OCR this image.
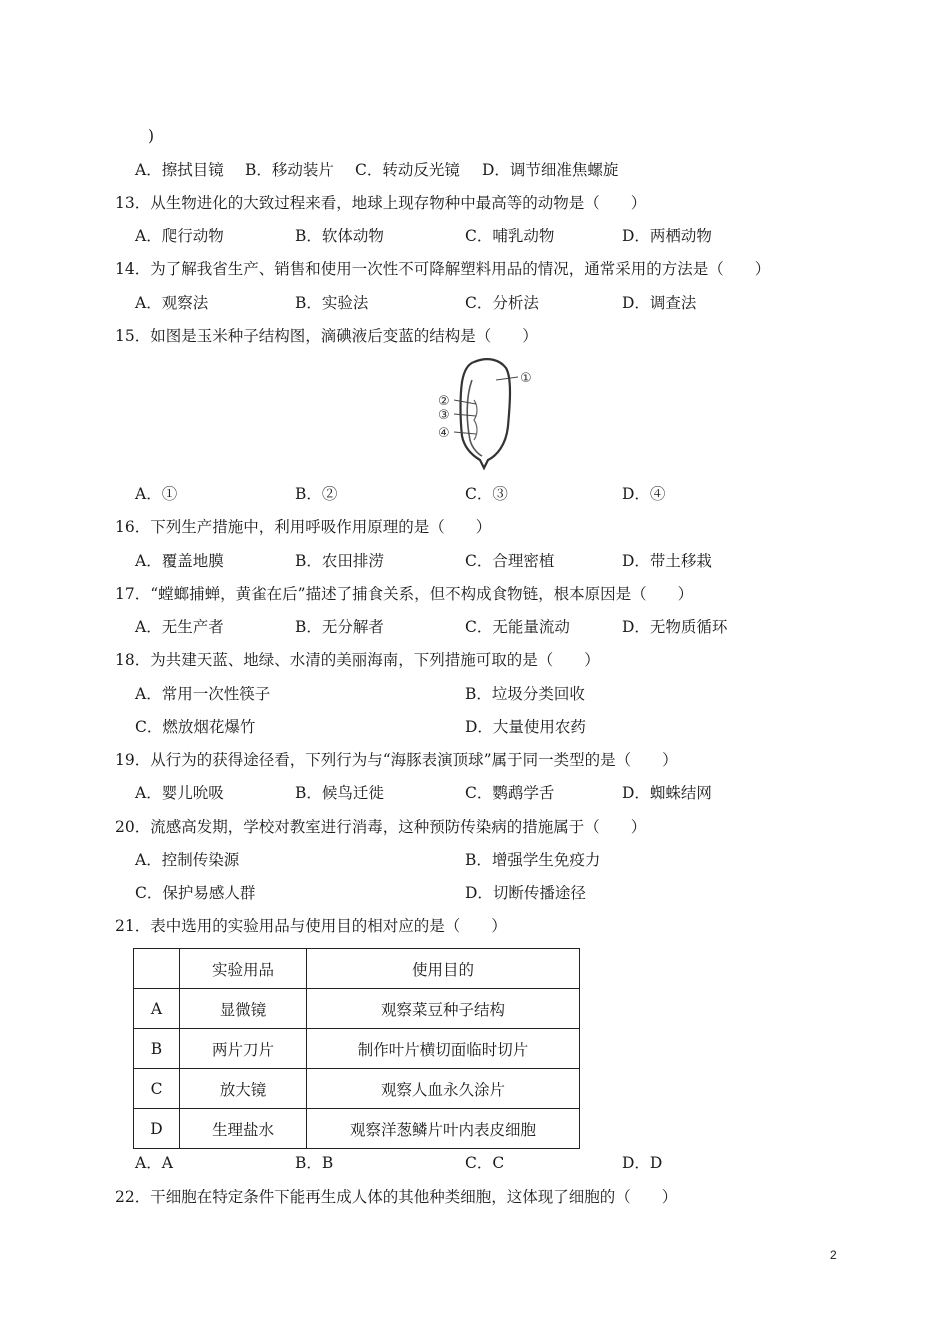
)
A．擦拭目镜 B．移动装片 C．转动反光镜 D．调节细准焦螺旋
13．从生物进化的大致过程来看，地球上现存物种中最高等的动物是（　　）
A．爬行动物	B．软体动物	C．哺乳动物	D．两栖动物
14．为了解我省生产、销售和使用一次性不可降解塑料用品的情况，通常采用的方法是（　　）
A．观察法	B．实验法	C．分析法	D．调查法
15．如图是玉米种子结构图，滴碘液后变蓝的结构是（　　）
①
②
③
④
A．①	B．②	C．③	D．④
16．下列生产措施中，利用呼吸作用原理的是（　　）
A．覆盖地膜	B．农田排涝	C．合理密植	D．带土移栽
17．“螳螂捕蝉，黄雀在后”描述了捕食关系，但不构成食物链，根本原因是（　　）
A．无生产者	B．无分解者	C．无能量流动	D．无物质循环
18．为共建天蓝、地绿、水清的美丽海南，下列措施可取的是（　　）
A．常用一次性筷子	B．垃圾分类回收
C．燃放烟花爆竹	D．大量使用农药
19．从行为的获得途径看，下列行为与“海豚表演顶球”属于同一类型的是（　　）
A．婴儿吮吸	B．候鸟迁徙	C．鹦鹉学舌	D．蜘蛛结网
20．流感高发期，学校对教室进行消毒，这种预防传染病的措施属于（　　）
A．控制传染源	B．增强学生免疫力
C．保护易感人群	D．切断传播途径
21．表中选用的实验用品与使用目的相对应的是（　　）
	实验用品	使用目的
A	显微镜	观察菜豆种子结构
B	两片刀片	制作叶片横切面临时切片
C	放大镜	观察人血永久涂片
D	生理盐水	观察洋葱鳞片叶内表皮细胞
A．A	B．B	C．C	D．D
22．干细胞在特定条件下能再生成人体的其他种类细胞，这体现了细胞的（　　）
2
